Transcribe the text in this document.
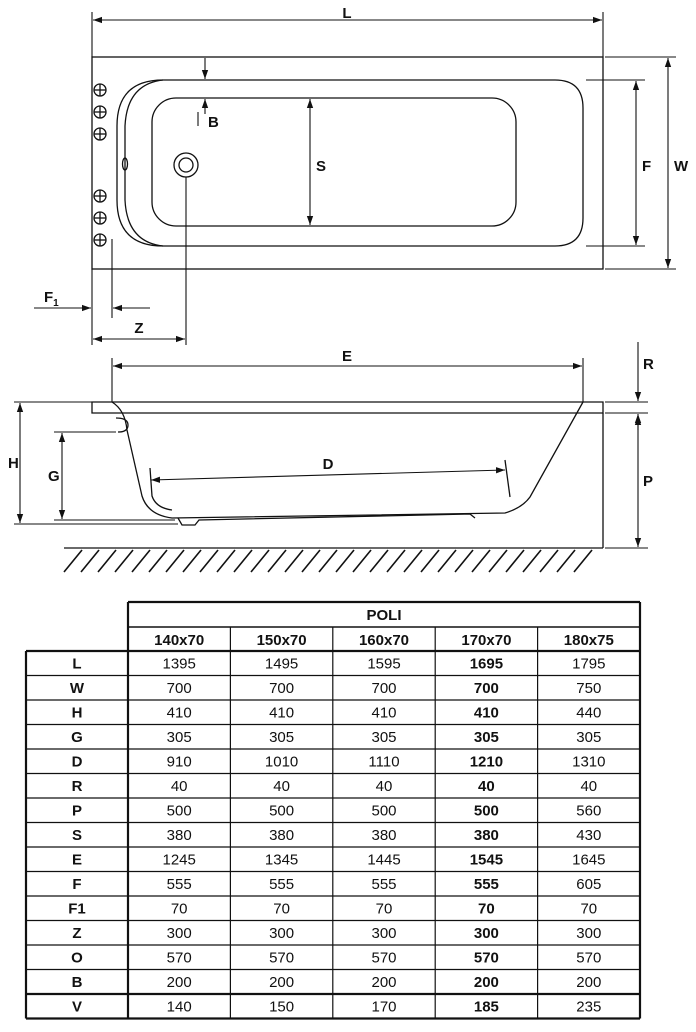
L
B
S	F W
$F_1$
Z
E	R
H
G
D
P
POLI
140x70	150x70	160x70	170x70	180x75
L	1395	1495	1595	1695	1795
W	700	700	700	700	750
H	410	410	410	410	440
G	305	305	305	305	305
D	910	1010	1110	1210	1310
R	40	40	40	40	40
P	500	500	500	500	560
S	380	380	380	380	430
E	1245	1345	1445	1545	1645
F	555	555	555	555	605
F1	70	70	70	70	70
Z	300	300	300	300	300
O	570	570	570	570	570
B	200	200	200	200	200
V	140	150	170	185	235
